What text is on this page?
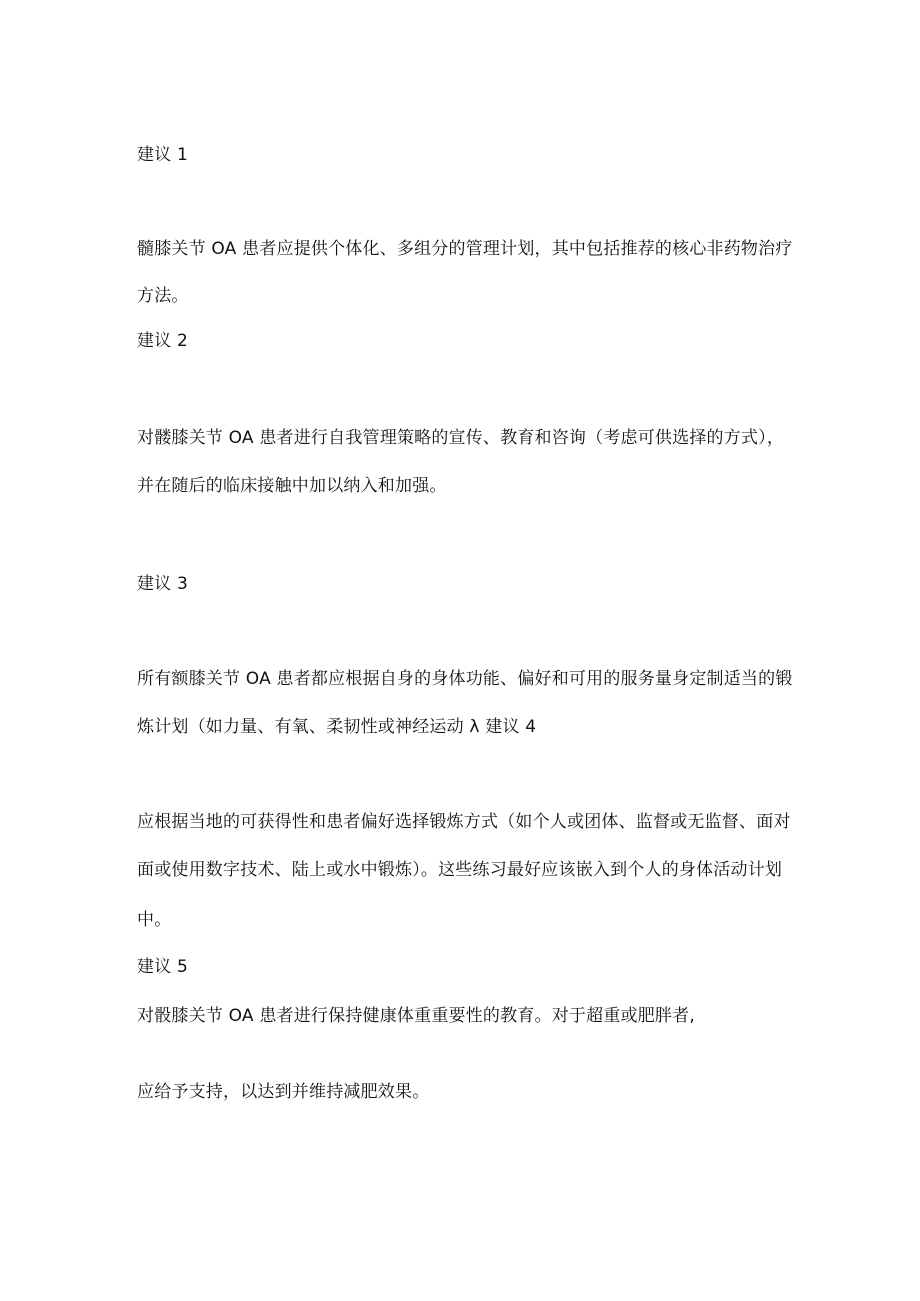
建议 1
髓膝关节 OA 患者应提供个体化、多组分的管理计划，其中包括推荐的核心非药物治疗
方法。
建议 2
对髅膝关节 OA 患者进行自我管理策略的宣传、教育和咨询（考虑可供选择的方式），
并在随后的临床接触中加以纳入和加强。
建议 3
所有额膝关节 OA 患者都应根据自身的身体功能、偏好和可用的服务量身定制适当的锻
炼计划（如力量、有氧、柔韧性或神经运动 λ 建议 4
应根据当地的可获得性和患者偏好选择锻炼方式（如个人或团体、监督或无监督、面对
面或使用数字技术、陆上或水中锻炼）。这些练习最好应该嵌入到个人的身体活动计划
中。
建议 5
对骰膝关节 OA 患者进行保持健康体重重要性的教育。对于超重或肥胖者,
应给予支持，以达到并维持减肥效果。
